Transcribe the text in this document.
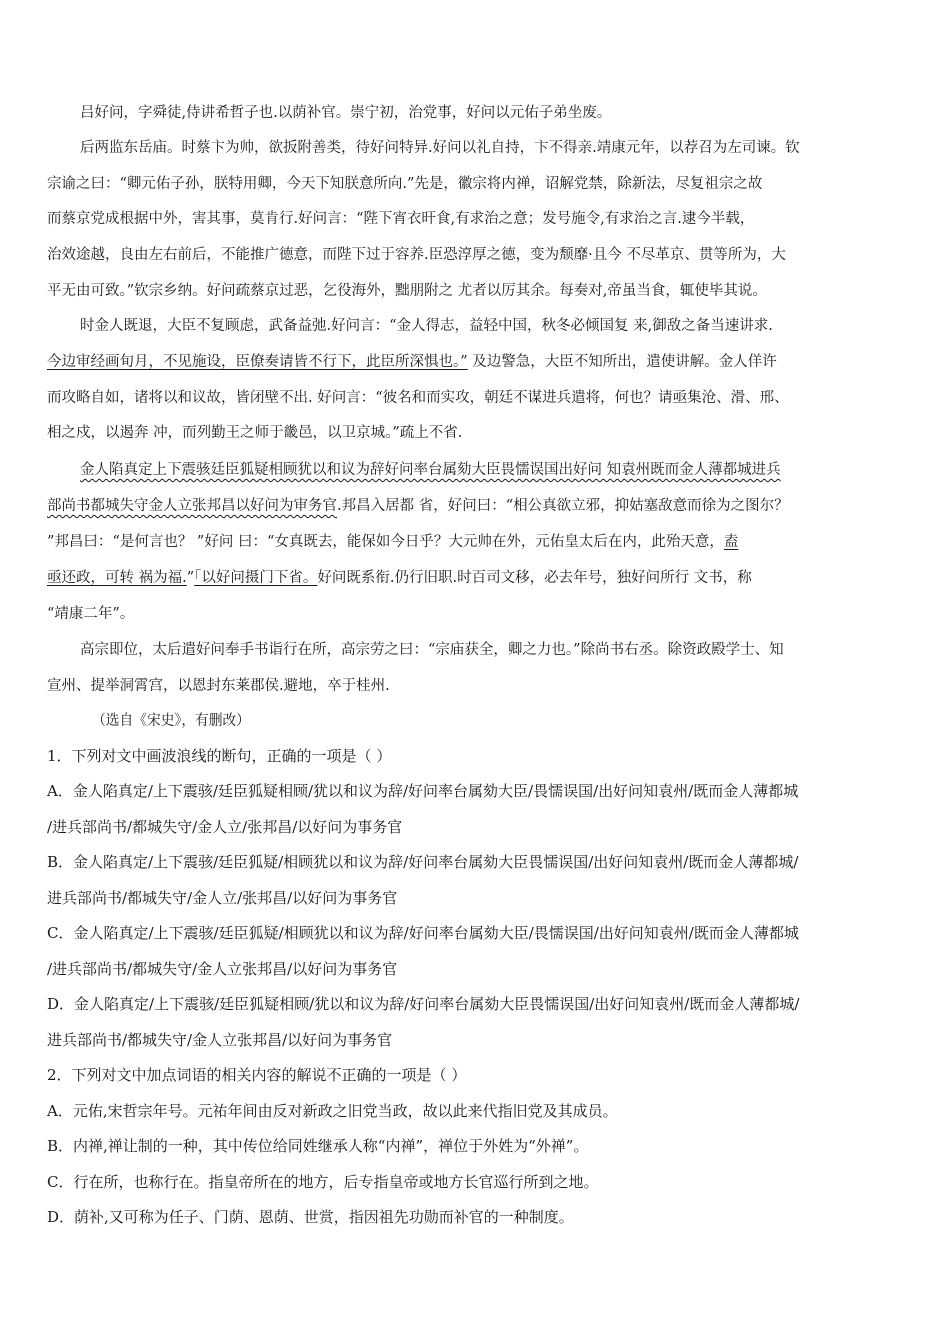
吕好问，字舜徒,侍讲希哲子也.以荫补官。崇宁初，治党事，好问以元佑子弟坐废。
后两监东岳庙。时蔡卞为帅，欲扳附善类，待好问特异.好问以礼自持，卞不得亲.靖康元年，以荐召为左司谏。钦
宗谕之曰：“卿元佑子孙，朕特用卿，今天下知朕意所向.”先是，徽宗将内禅，诏解党禁，除新法，尽复祖宗之故
而蔡京党成根据中外，害其事，莫肯行.好问言：“陛下宵衣旰食,有求治之意；发号施令,有求治之言.逮今半载，
治效途越，良由左右前后，不能推广德意，而陛下过于容养.臣恐淳厚之德，变为颓靡·且今 不尽革京、贯等所为，大
平无由可致。”钦宗乡纳。好问疏蔡京过恶，乞役海外，黜朋附之 尤者以厉其余。每奏对,帝虽当食，辄使毕其说。
时金人既退，大臣不复顾虑，武备益弛.好问言：“金人得志，益轻中国，秋冬必倾国复 来,御敌之备当速讲求.
今边审经画旬月，不见施设，臣僚奏请皆不行下，此臣所深惧也。” 及边警急，大臣不知所出，遣使讲解。金人佯许
而攻略自如，诸将以和议故，皆闭壁不出. 好问言：“彼名和而实攻，朝廷不谋进兵遣将，何也？请亟集沧、滑、邢、
相之戍，以遏奔 冲，而列勤王之师于畿邑，以卫京城。”疏上不省.
金人陷真定上下震骇廷臣狐疑相顾犹以和议为辞好问率台属劾大臣畏懦误国出好问 知袁州既而金人薄都城进兵
部尚书都城失守金人立张邦昌以好问为审务官.邦昌入居都 省，好问曰：“相公真欲立邪，抑姑塞敌意而徐为之图尔？
”邦昌曰：“是何言也？ ”好问 曰：“女真既去，能保如今日乎？大元帅在外，元佑皇太后在内，此殆天意，盍
亟还政，可转 祸为福.”「以好问摄门下省。好问既系衔.仍行旧职.时百司文移，必去年号，独好问所行 文书，称
“靖康二年”。
高宗即位，太后遣好问奉手书诣行在所，高宗劳之曰：“宗庙获全，卿之力也。”除尚书右丞。除资政殿学士、知
宣州、提举洞霄宫，以恩封东莱郡侯.避地，卒于桂州.
（选自《宋史》，有删改）
1．下列对文中画波浪线的断句，正确的一项是（ ）
A．金人陷真定/上下震骇/廷臣狐疑相顾/犹以和议为辞/好问率台属劾大臣/畏懦误国/出好问知袁州/既而金人薄都城
/进兵部尚书/都城失守/金人立/张邦昌/以好问为事务官
B．金人陷真定/上下震骇/廷臣狐疑/相顾犹以和议为辞/好问率台属劾大臣畏懦误国/出好问知袁州/既而金人薄都城/
进兵部尚书/都城失守/金人立/张邦昌/以好问为事务官
C．金人陷真定/上下震骇/廷臣狐疑/相顾犹以和议为辞/好问率台属劾大臣/畏懦误国/出好问知袁州/既而金人薄都城
/进兵部尚书/都城失守/金人立张邦昌/以好问为事务官
D．金人陷真定/上下震骇/廷臣狐疑相顾/犹以和议为辞/好问率台属劾大臣畏懦误国/出好问知袁州/既而金人薄都城/
进兵部尚书/都城失守/金人立张邦昌/以好问为事务官
2．下列对文中加点词语的相关内容的解说不正确的一项是（ ）
A．元佑,宋哲宗年号。元祐年间由反对新政之旧党当政，故以此来代指旧党及其成员。
B．内禅,禅让制的一种，其中传位给同姓继承人称“内禅”，禅位于外姓为“外禅”。
C．行在所，也称行在。指皇帝所在的地方，后专指皇帝或地方长官巡行所到之地。
D．荫补,又可称为任子、门荫、恩荫、世赏，指因祖先功勋而补官的一种制度。
